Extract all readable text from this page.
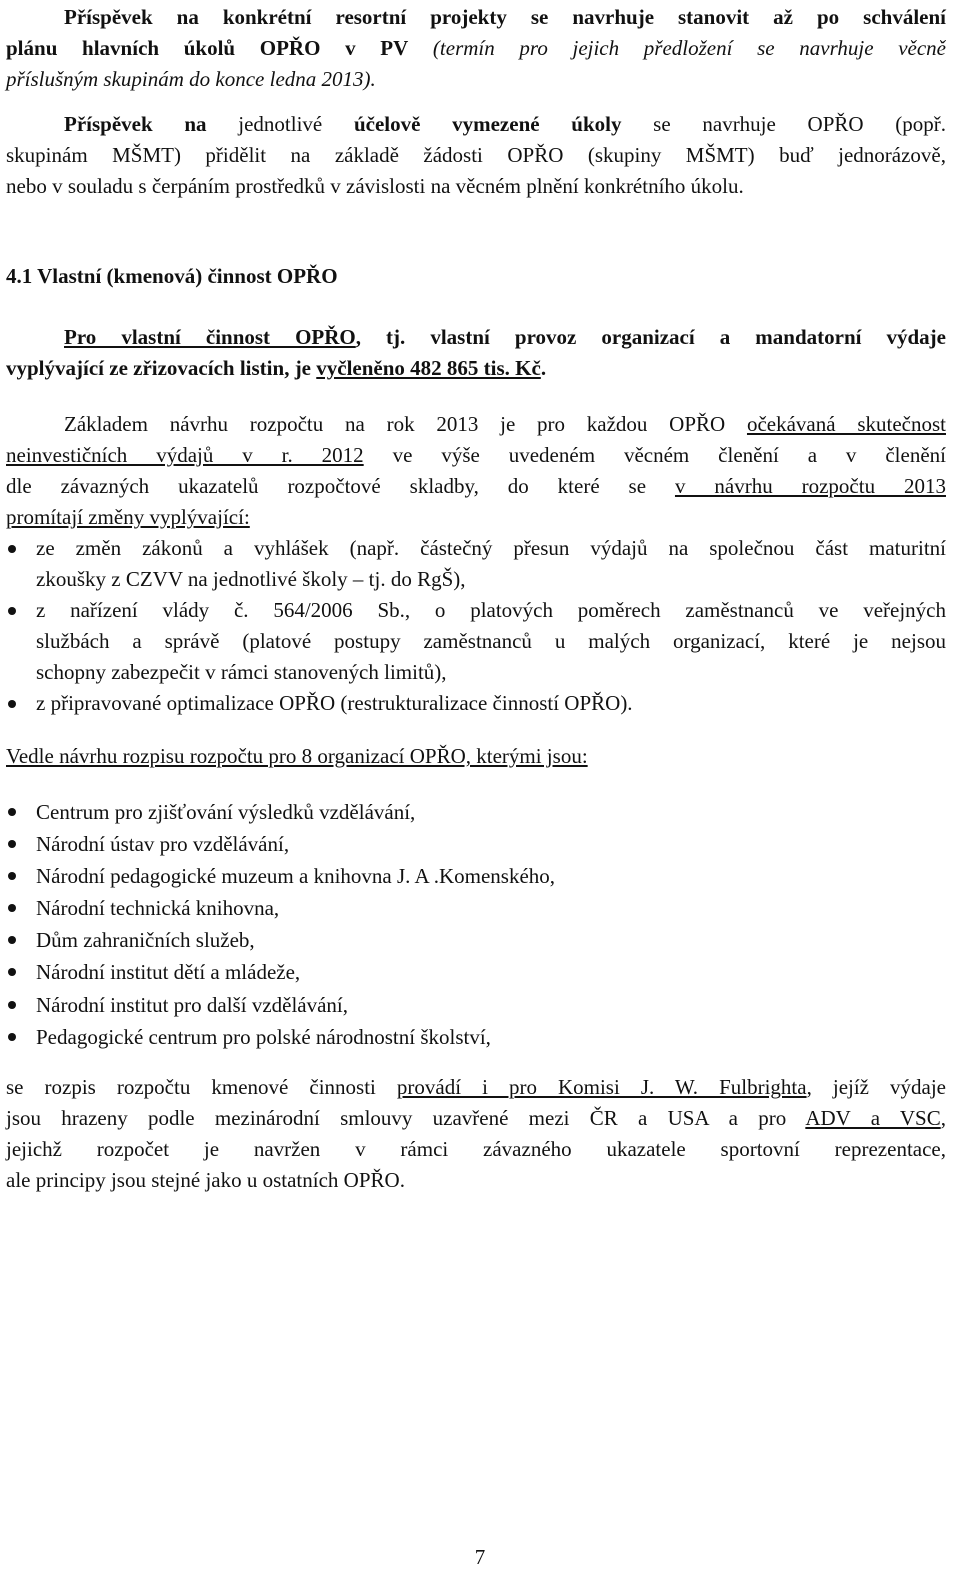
Příspěvek na konkrétní resortní projekty se navrhuje stanovit až po schválení
plánu hlavních úkolů OPŘO v PV (termín pro jejich předložení se navrhuje věcně
příslušným skupinám do konce ledna 2013).
Příspěvek na jednotlivé účelově vymezené úkoly se navrhuje OPŘO (popř.
skupinám MŠMT) přidělit na základě žádosti OPŘO (skupiny MŠMT) buď jednorázově,
nebo v souladu s čerpáním prostředků v závislosti na věcném plnění konkrétního úkolu.
4.1 Vlastní (kmenová) činnost OPŘO
Pro vlastní činnost OPŘO, tj. vlastní provoz organizací a mandatorní výdaje
vyplývající ze zřizovacích listin, je vyčleněno 482 865 tis. Kč.
Základem návrhu rozpočtu na rok 2013 je pro každou OPŘO očekávaná skutečnost
neinvestičních výdajů v r. 2012 ve výše uvedeném věcném členění a v členění
dle závazných ukazatelů rozpočtové skladby, do které se v návrhu rozpočtu 2013
promítají změny vyplývající:
ze změn zákonů a vyhlášek (např. částečný přesun výdajů na společnou část maturitní
zkoušky z CZVV na jednotlivé školy – tj. do RgŠ),
z nařízení vlády č. 564/2006 Sb., o platových poměrech zaměstnanců ve veřejných
službách a správě (platové postupy zaměstnanců u malých organizací, které je nejsou
schopny zabezpečit v rámci stanovených limitů),
z připravované optimalizace OPŘO (restrukturalizace činností OPŘO).
Vedle návrhu rozpisu rozpočtu pro 8 organizací OPŘO, kterými jsou:
Centrum pro zjišťování výsledků vzdělávání,
Národní ústav pro vzdělávání,
Národní pedagogické muzeum a knihovna J. A .Komenského,
Národní technická knihovna,
Dům zahraničních služeb,
Národní institut dětí a mládeže,
Národní institut pro další vzdělávání,
Pedagogické centrum pro polské národnostní školství,
se rozpis rozpočtu kmenové činnosti provádí i pro Komisi J. W. Fulbrighta, jejíž výdaje
jsou hrazeny podle mezinárodní smlouvy uzavřené mezi ČR a USA a pro ADV a VSC,
jejichž rozpočet je navržen v rámci závazného ukazatele sportovní reprezentace,
ale principy jsou stejné jako u ostatních OPŘO.
7
